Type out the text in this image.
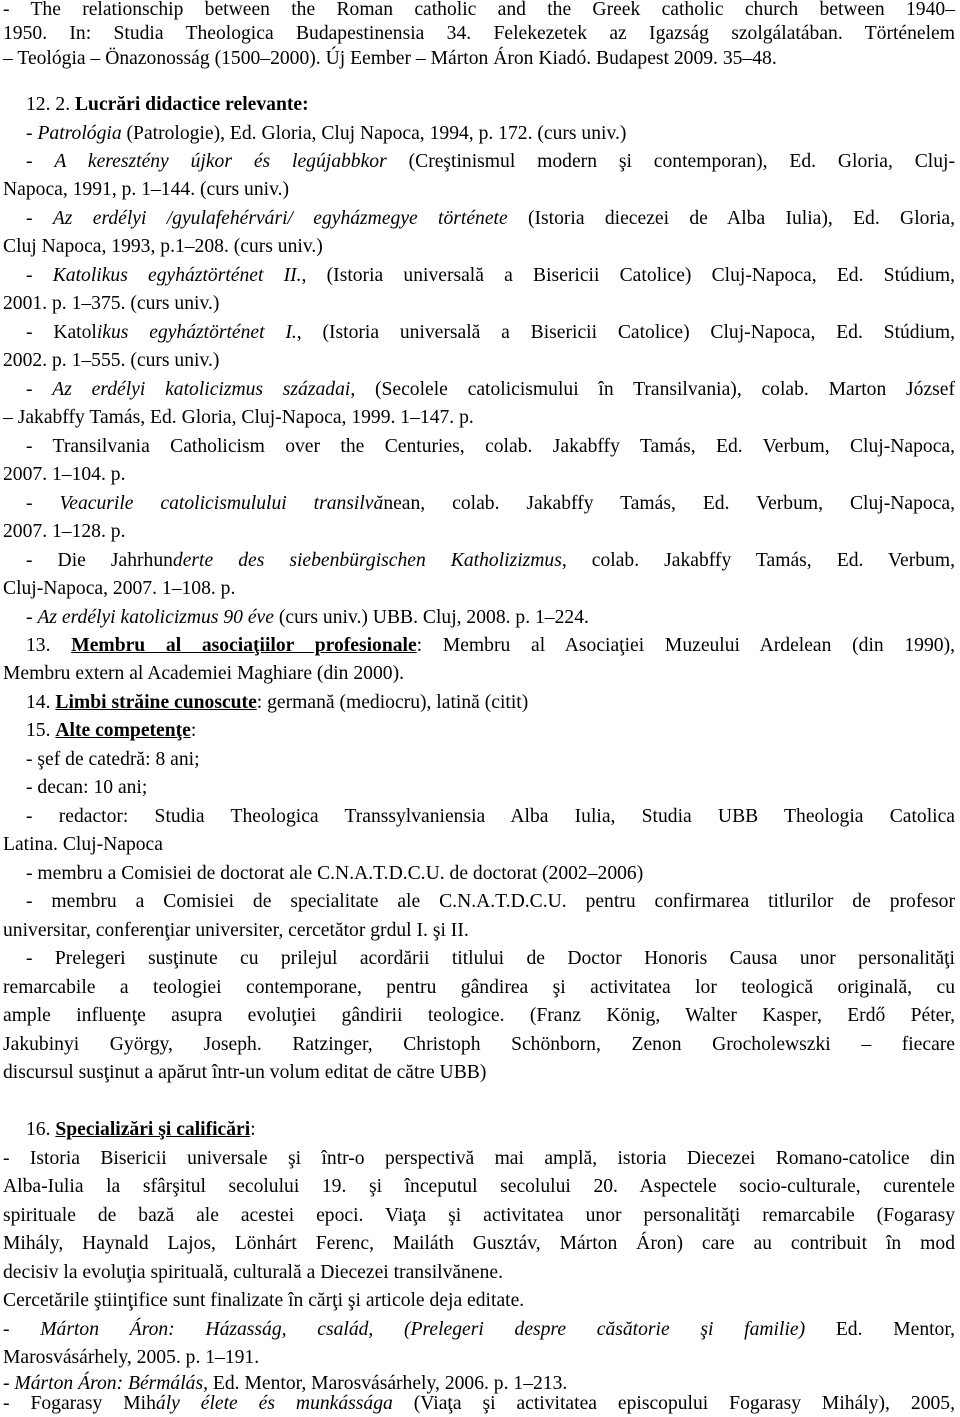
- The relationschip between the Roman catholic and the Greek catholic church between 1940–
1950. In: Studia Theologica Budapestinensia 34. Felekezetek az Igazság szolgálatában. Történelem
– Teológia – Önazonosság (1500–2000). Új Eember – Márton Áron Kiadó. Budapest 2009. 35–48.
12. 2. Lucrări didactice relevante:
- Patrológia (Patrologie), Ed. Gloria, Cluj Napoca, 1994, p. 172. (curs univ.)
- A keresztény újkor és legújabbkor (Creştinismul modern şi contemporan), Ed. Gloria, Cluj-
Napoca, 1991, p. 1–144. (curs univ.)
- Az erdélyi /gyulafehérvári/ egyházmegye története (Istoria diecezei de Alba Iulia), Ed. Gloria,
Cluj Napoca, 1993, p.1–208. (curs univ.)
- Katolikus egyháztörténet II., (Istoria universală a Bisericii Catolice) Cluj-Napoca, Ed. Stúdium,
2001. p. 1–375. (curs univ.)
- Katolikus egyháztörténet I., (Istoria universală a Bisericii Catolice) Cluj-Napoca, Ed. Stúdium,
2002. p. 1–555. (curs univ.)
- Az erdélyi katolicizmus századai, (Secolele catolicismului în Transilvania), colab. Marton József
– Jakabffy Tamás, Ed. Gloria, Cluj-Napoca, 1999. 1–147. p.
- Transilvania Catholicism over the Centuries, colab. Jakabffy Tamás, Ed. Verbum, Cluj-Napoca,
2007. 1–104. p.
- Veacurile catolicismulului transilvănean, colab. Jakabffy Tamás, Ed. Verbum, Cluj-Napoca,
2007. 1–128. p.
- Die Jahrhunderte des siebenbürgischen Katholizizmus, colab. Jakabffy Tamás, Ed. Verbum,
Cluj-Napoca, 2007. 1–108. p.
- Az erdélyi katolicizmus 90 éve (curs univ.) UBB. Cluj, 2008. p. 1–224.
13. Membru al asociaţiilor profesionale: Membru al Asociaţiei Muzeului Ardelean (din 1990),
Membru extern al Academiei Maghiare (din 2000).
14. Limbi străine cunoscute: germană (mediocru), latină (citit)
15. Alte competenţe:
- şef de catedră: 8 ani;
- decan: 10 ani;
- redactor: Studia Theologica Transsylvaniensia Alba Iulia, Studia UBB Theologia Catolica
Latina. Cluj-Napoca
- membru a Comisiei de doctorat ale C.N.A.T.D.C.U. de doctorat (2002–2006)
- membru a Comisiei de specialitate ale C.N.A.T.D.C.U. pentru confirmarea titlurilor de profesor
universitar, conferenţiar universiter, cercetător grdul I. şi II.
- Prelegeri susţinute cu prilejul acordării titlului de Doctor Honoris Causa unor personalităţi
remarcabile a teologiei contemporane, pentru gândirea şi activitatea lor teologică originală, cu
ample influenţe asupra evoluţiei gândirii teologice. (Franz König, Walter Kasper, Erdő Péter,
Jakubinyi György, Joseph. Ratzinger, Christoph Schönborn, Zenon Grocholewszki – fiecare
discursul susţinut a apărut într-un volum editat de către UBB)
16. Specializări şi calificări:
- Istoria Bisericii universale şi într-o perspectivă mai amplă, istoria Diecezei Romano-catolice din
Alba-Iulia la sfârşitul secolului 19. şi începutul secolului 20. Aspectele socio-culturale, curentele
spirituale de bază ale acestei epoci. Viaţa şi activitatea unor personalităţi remarcabile (Fogarasy
Mihály, Haynald Lajos, Lönhárt Ferenc, Mailáth Gusztáv, Márton Áron) care au contribuit în mod
decisiv la evoluţia spirituală, culturală a Diecezei transilvănene.
Cercetările ştiinţifice sunt finalizate în cărţi şi articole deja editate.
- Márton Áron: Házasság, család, (Prelegeri despre căsătorie şi familie) Ed. Mentor,
Marosvásárhely, 2005. p. 1–191.
- Márton Áron: Bérmálás, Ed. Mentor, Marosvásárhely, 2006. p. 1–213.
- Fogarasy Mihály élete és munkássága (Viaţa şi activitatea episcopului Fogarasy Mihály), 2005,
